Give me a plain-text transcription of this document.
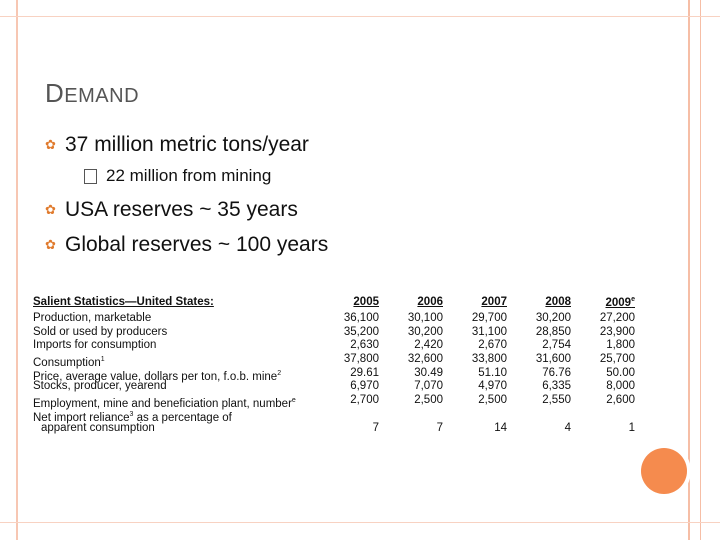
DEMAND
✿ 37 million metric tons/year
22 million from mining
✿ USA reserves ~ 35 years
✿ Global reserves ~ 100 years
Salient Statistics—United States:	2005	2006	2007	2008	2009e
Production, marketable	36,100	30,100	29,700	30,200	27,200
Sold or used by producers	35,200	30,200	31,100	28,850	23,900
Imports for consumption	2,630	2,420	2,670	2,754	1,800
Consumption$^1$	37,800	32,600	33,800	31,600	25,700
Price, average value, dollars per ton, f.o.b. mine$^2$	29.61	30.49	51.10	76.76	50.00
Stocks, producer, yearend	6,970	7,070	4,970	6,335	8,000
Employment, mine and beneficiation plant, number$^e$	2,700	2,500	2,500	2,550	2,600
Net import reliance$^3$ as a percentage of
apparent consumption	7	7	14	4	1
